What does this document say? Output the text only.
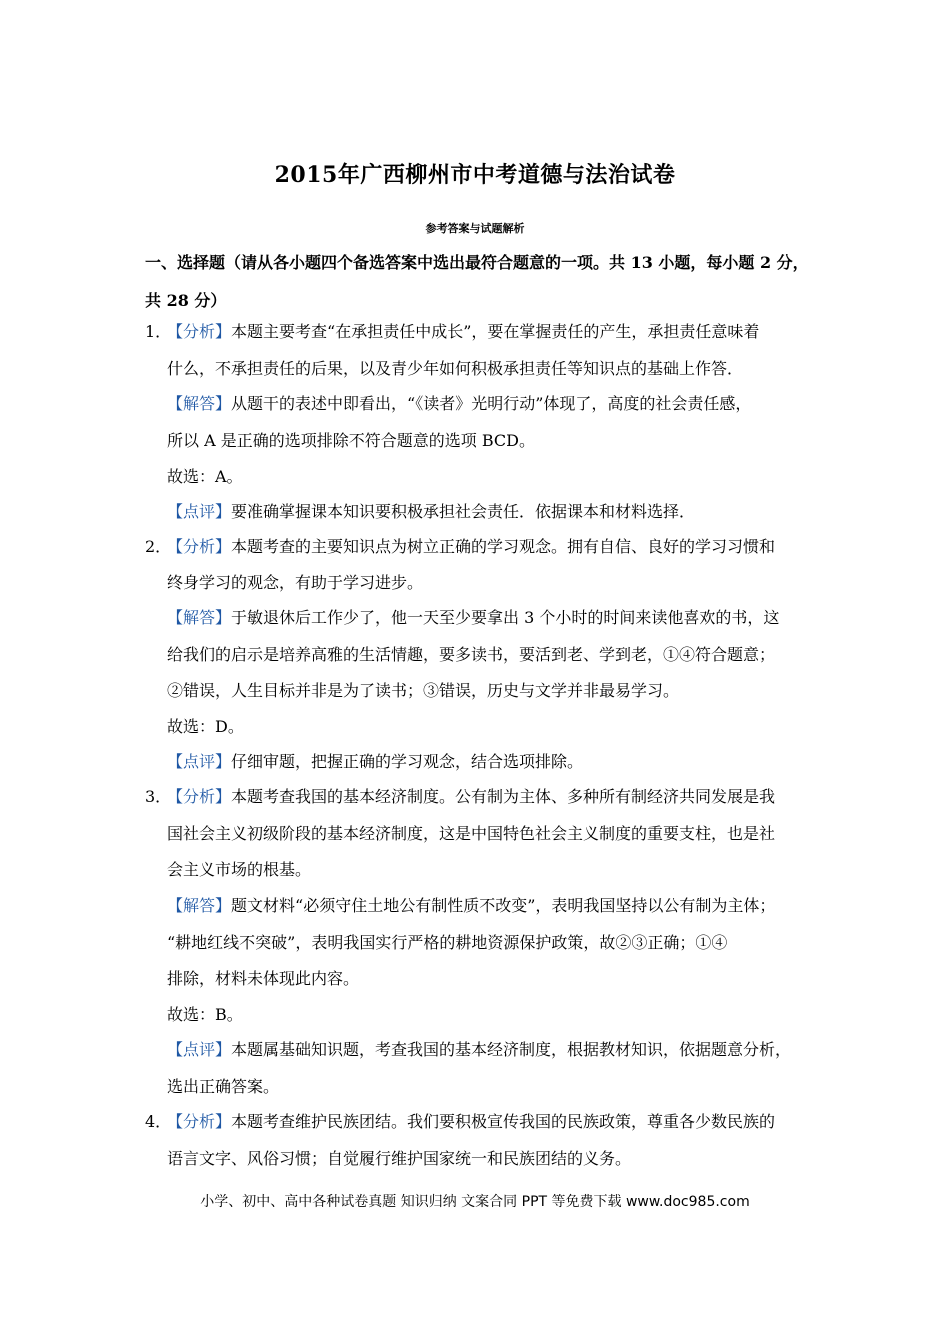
2015年广西柳州市中考道德与法治试卷
参考答案与试题解析
一、选择题（请从各小题四个备选答案中选出最符合题意的一项。共 13 小题，每小题 2 分，
共 28 分）
1．
【分析】本题主要考查“在承担责任中成长”，要在掌握责任的产生，承担责任意味着
什么，不承担责任的后果，以及青少年如何积极承担责任等知识点的基础上作答．
【解答】从题干的表述中即看出，“《读者》光明行动”体现了，高度的社会责任感，
所以 A 是正确的选项排除不符合题意的选项 BCD。
故选：A。
【点评】要准确掌握课本知识要积极承担社会责任．依据课本和材料选择．
2．
【分析】本题考查的主要知识点为树立正确的学习观念。拥有自信、良好的学习习惯和
终身学习的观念，有助于学习进步。
【解答】于敏退休后工作少了，他一天至少要拿出 3 个小时的时间来读他喜欢的书，这
给我们的启示是培养高雅的生活情趣，要多读书，要活到老、学到老，①④符合题意；
②错误，人生目标并非是为了读书；③错误，历史与文学并非最易学习。
故选：D。
【点评】仔细审题，把握正确的学习观念，结合选项排除。
3．
【分析】本题考查我国的基本经济制度。公有制为主体、多种所有制经济共同发展是我
国社会主义初级阶段的基本经济制度，这是中国特色社会主义制度的重要支柱，也是社
会主义市场的根基。
【解答】题文材料“必须守住土地公有制性质不改变”，表明我国坚持以公有制为主体；
“耕地红线不突破”，表明我国实行严格的耕地资源保护政策，故②③正确；①④
排除，材料未体现此内容。
故选：B。
【点评】本题属基础知识题，考查我国的基本经济制度，根据教材知识，依据题意分析，
选出正确答案。
4．
【分析】本题考查维护民族团结。我们要积极宣传我国的民族政策，尊重各少数民族的
语言文字、风俗习惯；自觉履行维护国家统一和民族团结的义务。
小学、初中、高中各种试卷真题 知识归纳 文案合同 PPT 等免费下载 www.doc985.com
